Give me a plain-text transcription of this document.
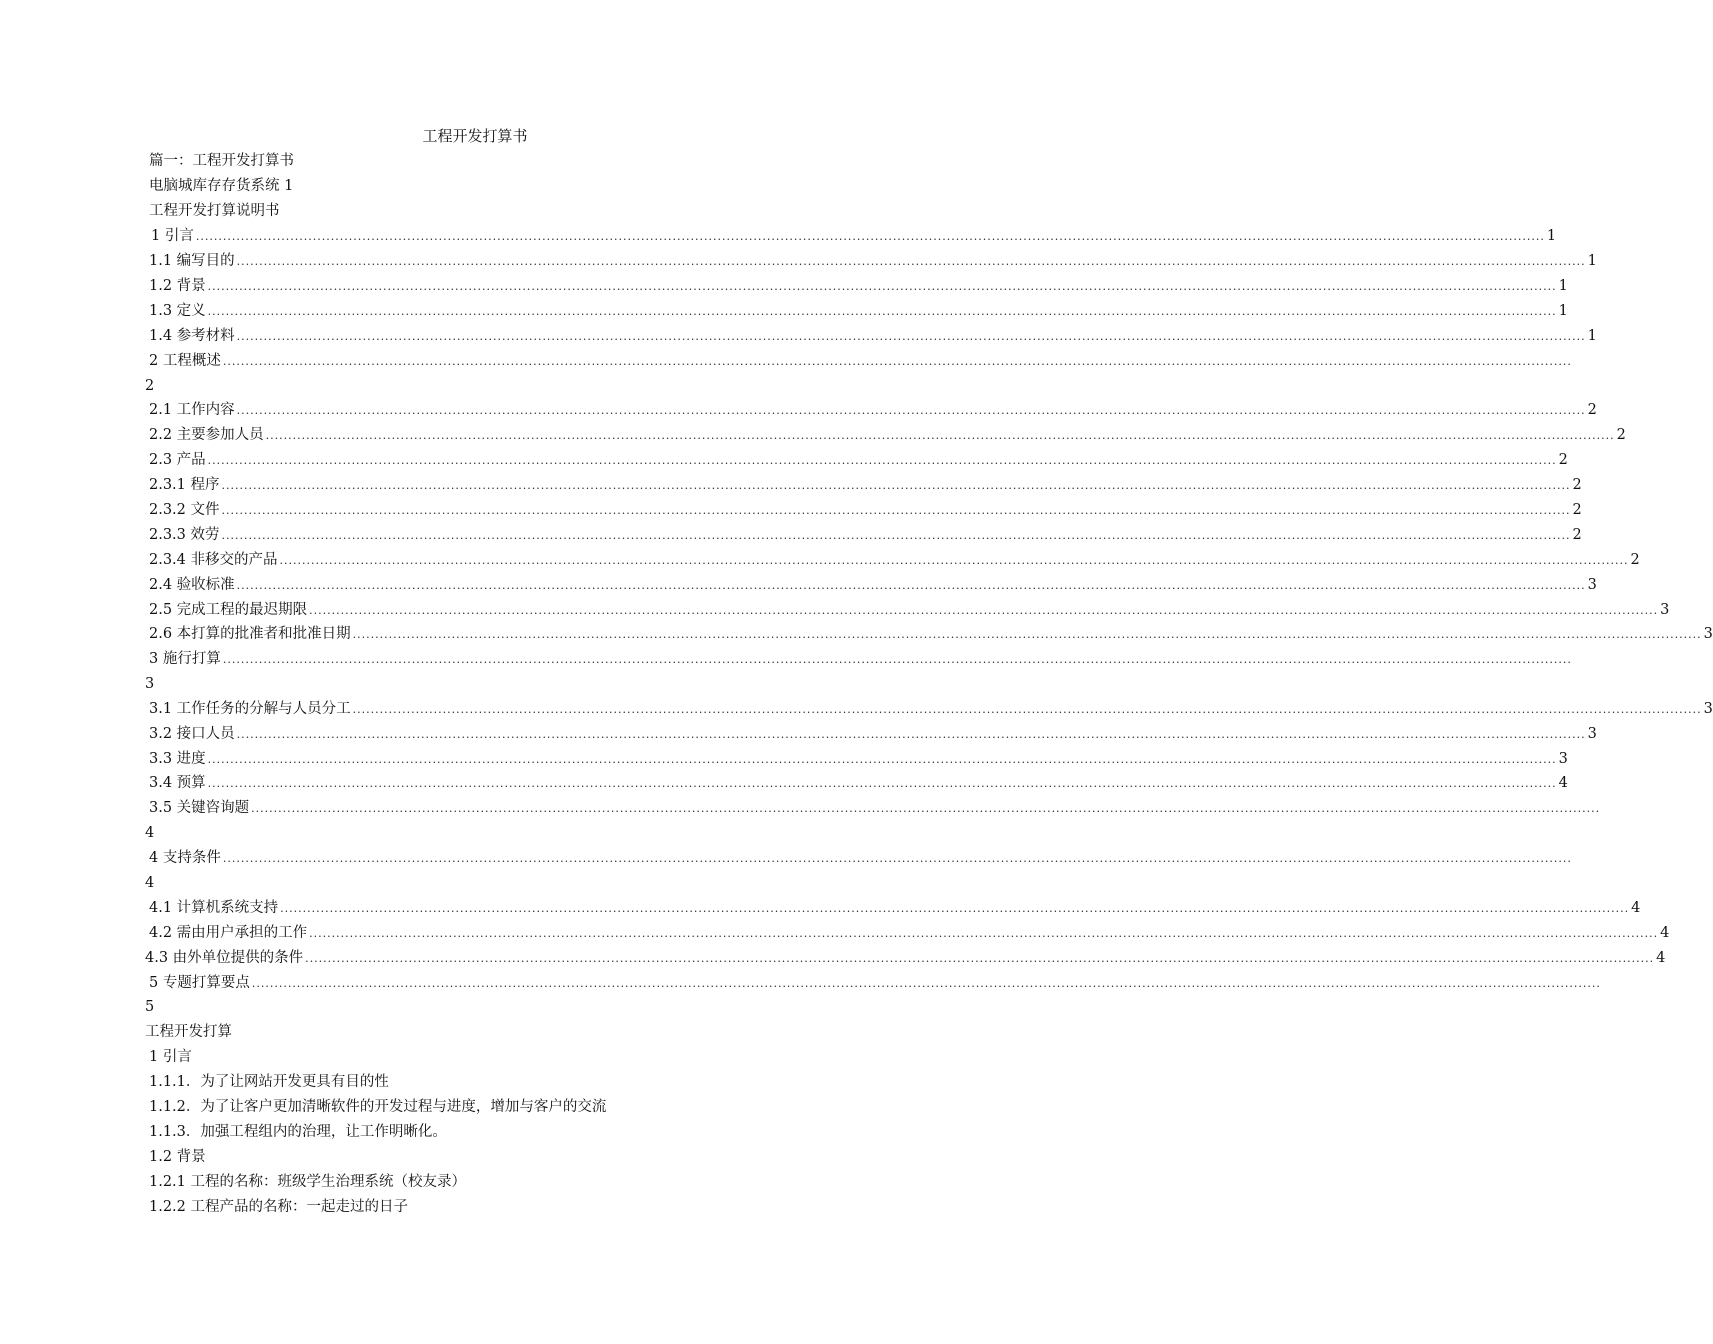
工程开发打算书
篇一：工程开发打算书
电脑城库存存货系统 1
工程开发打算说明书
1 引言 ............................................................................................................................................................................................................................................................................................................ 1
1.1 编写目的 ............................................................................................................................................................................................................................................................................................................ 1
1.2 背景 ............................................................................................................................................................................................................................................................................................................ 1
1.3 定义 ............................................................................................................................................................................................................................................................................................................ 1
1.4 参考材料 ............................................................................................................................................................................................................................................................................................................ 1
2 工程概述 ............................................................................................................................................................................................................................................................................................................
2
2.1 工作内容 ............................................................................................................................................................................................................................................................................................................ 2
2.2 主要参加人员 ............................................................................................................................................................................................................................................................................................................ 2
2.3 产品 ............................................................................................................................................................................................................................................................................................................ 2
2.3.1 程序 ............................................................................................................................................................................................................................................................................................................ 2
2.3.2 文件 ............................................................................................................................................................................................................................................................................................................ 2
2.3.3 效劳 ............................................................................................................................................................................................................................................................................................................ 2
2.3.4 非移交的产品 ............................................................................................................................................................................................................................................................................................................ 2
2.4 验收标准 ............................................................................................................................................................................................................................................................................................................ 3
2.5 完成工程的最迟期限 ............................................................................................................................................................................................................................................................................................................ 3
2.6 本打算的批准者和批准日期 ............................................................................................................................................................................................................................................................................................................ 3
3 施行打算 ............................................................................................................................................................................................................................................................................................................
3
3.1 工作任务的分解与人员分工 ............................................................................................................................................................................................................................................................................................................ 3
3.2 接口人员 ............................................................................................................................................................................................................................................................................................................ 3
3.3 进度 ............................................................................................................................................................................................................................................................................................................ 3
3.4 预算 ............................................................................................................................................................................................................................................................................................................ 4
3.5 关键咨询题 ............................................................................................................................................................................................................................................................................................................
4
4 支持条件 ............................................................................................................................................................................................................................................................................................................
4
4.1 计算机系统支持 ............................................................................................................................................................................................................................................................................................................ 4
4.2 需由用户承担的工作 ............................................................................................................................................................................................................................................................................................................ 4
4.3 由外单位提供的条件 ............................................................................................................................................................................................................................................................................................................ 4
5 专题打算要点 ............................................................................................................................................................................................................................................................................................................
5
工程开发打算
1 引言
1.1.1．为了让网站开发更具有目的性
1.1.2．为了让客户更加清晰软件的开发过程与进度，增加与客户的交流
1.1.3．加强工程组内的治理，让工作明晰化。
1.2 背景
1.2.1 工程的名称：班级学生治理系统（校友录）
1.2.2 工程产品的名称：一起走过的日子
